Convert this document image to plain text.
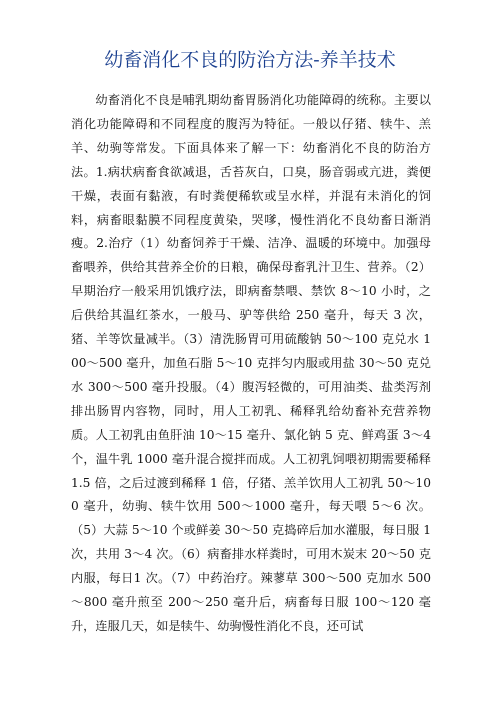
幼畜消化不良的防治方法-养羊技术

幼畜消化不良是哺乳期幼畜胃肠消化功能障碍的统称。主要以消化功能障碍和不同程度的腹泻为特征。一般以仔猪、犊牛、羔羊、幼驹等常发。下面具体来了解一下：幼畜消化不良的防治方法。1.病状病畜食欲减退，舌苔灰白，口臭，肠音弱或亢进，粪便干燥，表面有黏液，有时粪便稀软或呈水样，并混有未消化的饲料，病畜眼黏膜不同程度黄染，哭嗲，慢性消化不良幼畜日渐消瘦。2.治疗（1）幼畜饲养于干燥、洁净、温暖的环境中。加强母畜喂养，供给其营养全价的日粮，确保母畜乳汁卫生、营养。（2）早期治疗一般采用饥饿疗法，即病畜禁喂、禁饮 8～10 小时，之后供给其温红茶水，一般马、驴等供给 250 毫升，每天 3 次，猪、羊等饮量减半。（3）清洗肠胃可用硫酸钠 50～100 克兑水 100～500 毫升，加鱼石脂 5～10 克拌匀内服或用盐 30～50 克兑水 300～500 毫升投服。（4）腹泻轻微的，可用油类、盐类泻剂排出肠胃内容物，同时，用人工初乳、稀释乳给幼畜补充营养物质。人工初乳由鱼肝油 10～15 毫升、氯化钠 5 克、鲜鸡蛋 3～4 个，温牛乳 1000 毫升混合搅拌而成。人工初乳饲喂初期需要稀释 1.5 倍，之后过渡到稀释 1 倍，仔猪、羔羊饮用人工初乳 50～100 毫升，幼驹、犊牛饮用 500～1000 毫升，每天喂 5～6 次。（5）大蒜 5～10 个或鲜姜 30～50 克捣碎后加水灌服，每日服 1 次，共用 3～4 次。（6）病畜排水样粪时，可用木炭末 20～50 克内服，每日1 次。（7）中药治疗。辣蓼草 300～500 克加水 500～800 毫升煎至 200～250 毫升后，病畜每日服 100～120 毫升，连服几天，如是犊牛、幼驹慢性消化不良，还可试
